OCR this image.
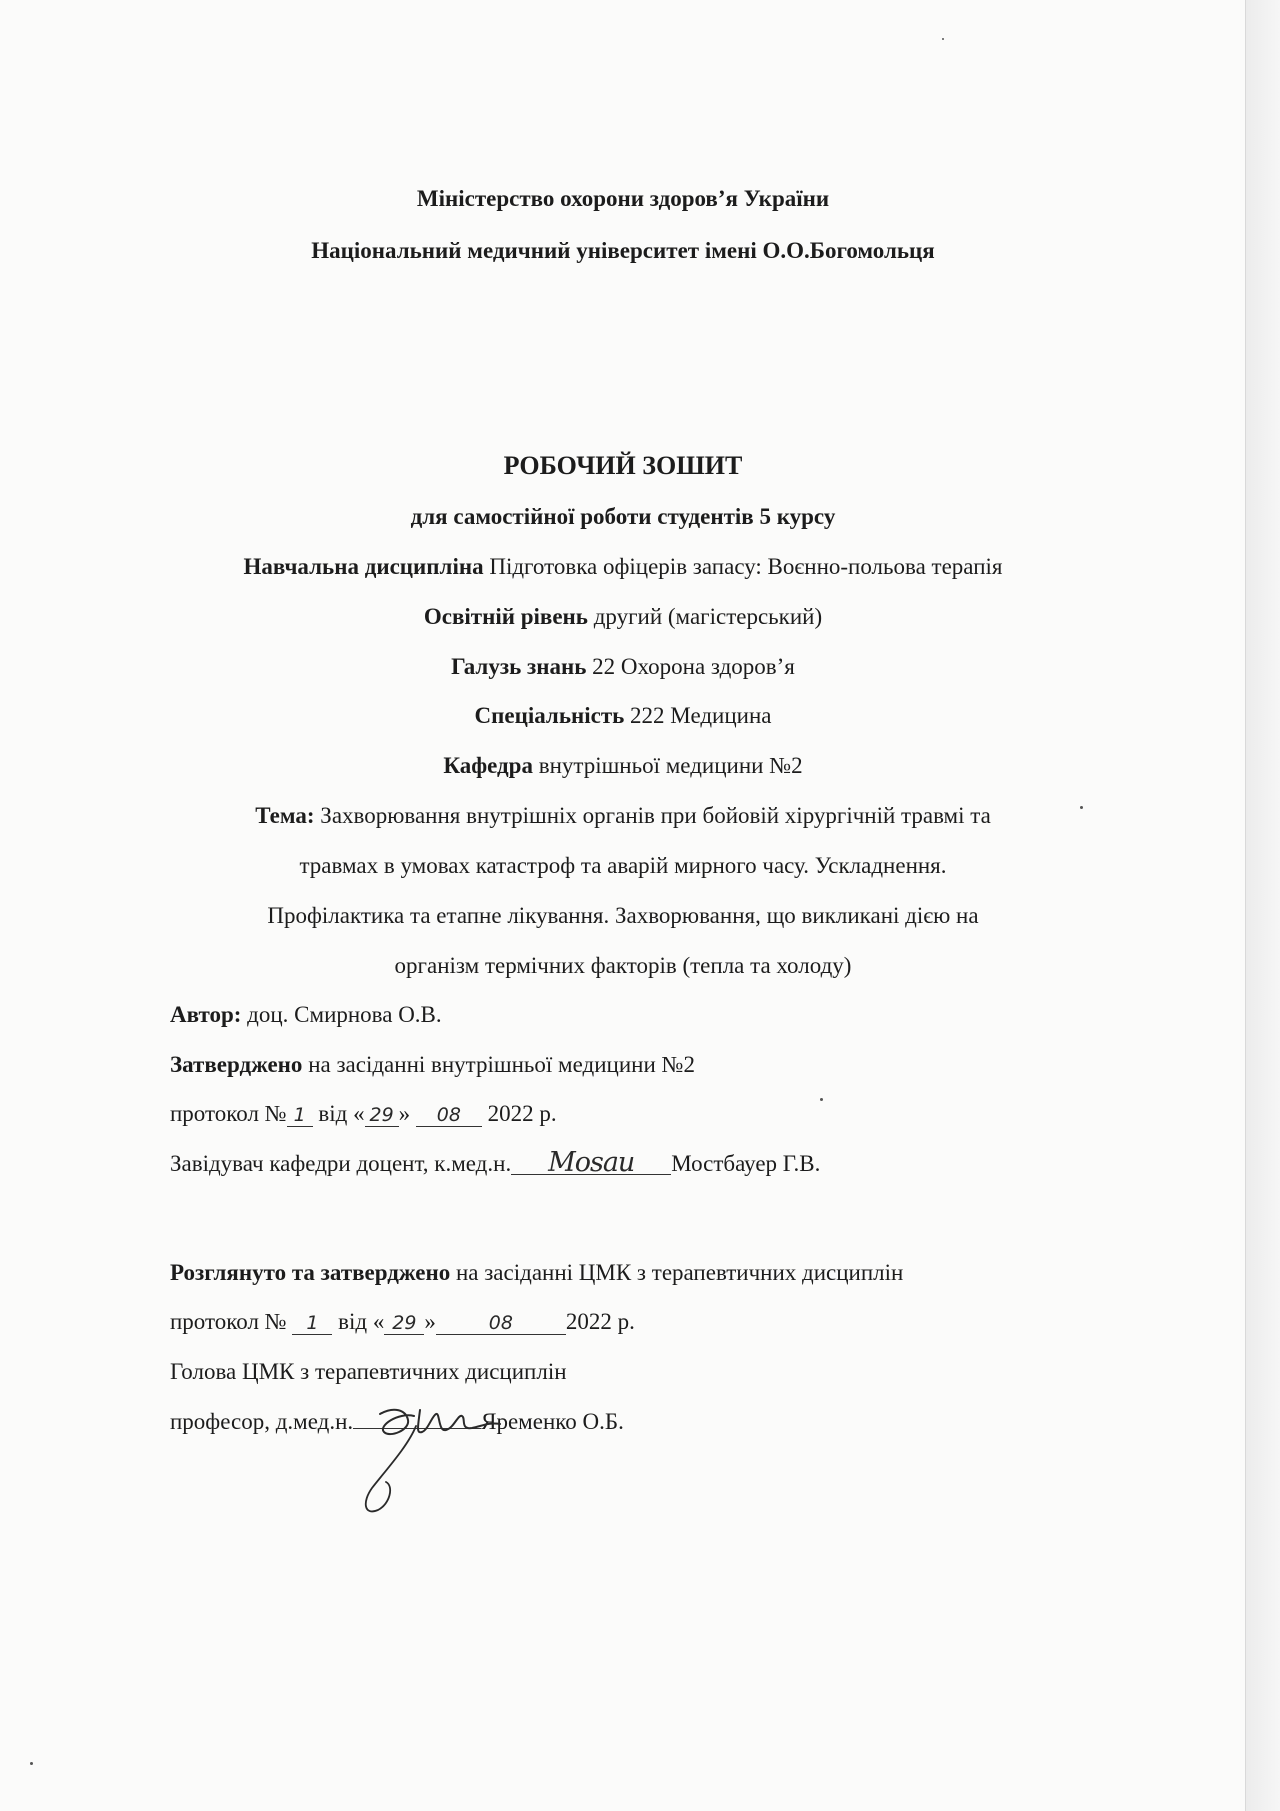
Міністерство охорони здоров’я України
Національний медичний університет імені О.О.Богомольця
РОБОЧИЙ ЗОШИТ
для самостійної роботи студентів 5 курсу
Навчальна дисципліна Підготовка офіцерів запасу: Воєнно-польова терапія
Освітній рівень другий (магістерський)
Галузь знань 22 Охорона здоров’я
Спеціальність 222 Медицина
Кафедра внутрішньої медицини №2
Тема: Захворювання внутрішніх органів при бойовій хірургічній травмі та
травмах в умовах катастроф та аварій мирного часу. Ускладнення.
Профілактика та етапне лікування. Захворювання, що викликані дією на
організм термічних факторів (тепла та холоду)
Автор: доц. Смирнова О.В.
Затверджено на засіданні внутрішньої медицини №2
протокол № 1 від « 29 » 08 2022 р.
Завідувач кафедри доцент, к.мед.н. Mosau Мостбауер Г.В.
Розглянуто та затверджено на засіданні ЦМК з терапевтичних дисциплін
протокол № 1 від « 29 »	08 2022 р.
Голова ЦМК з терапевтичних дисциплін
професор, д.мед.н.	Яременко О.Б.
